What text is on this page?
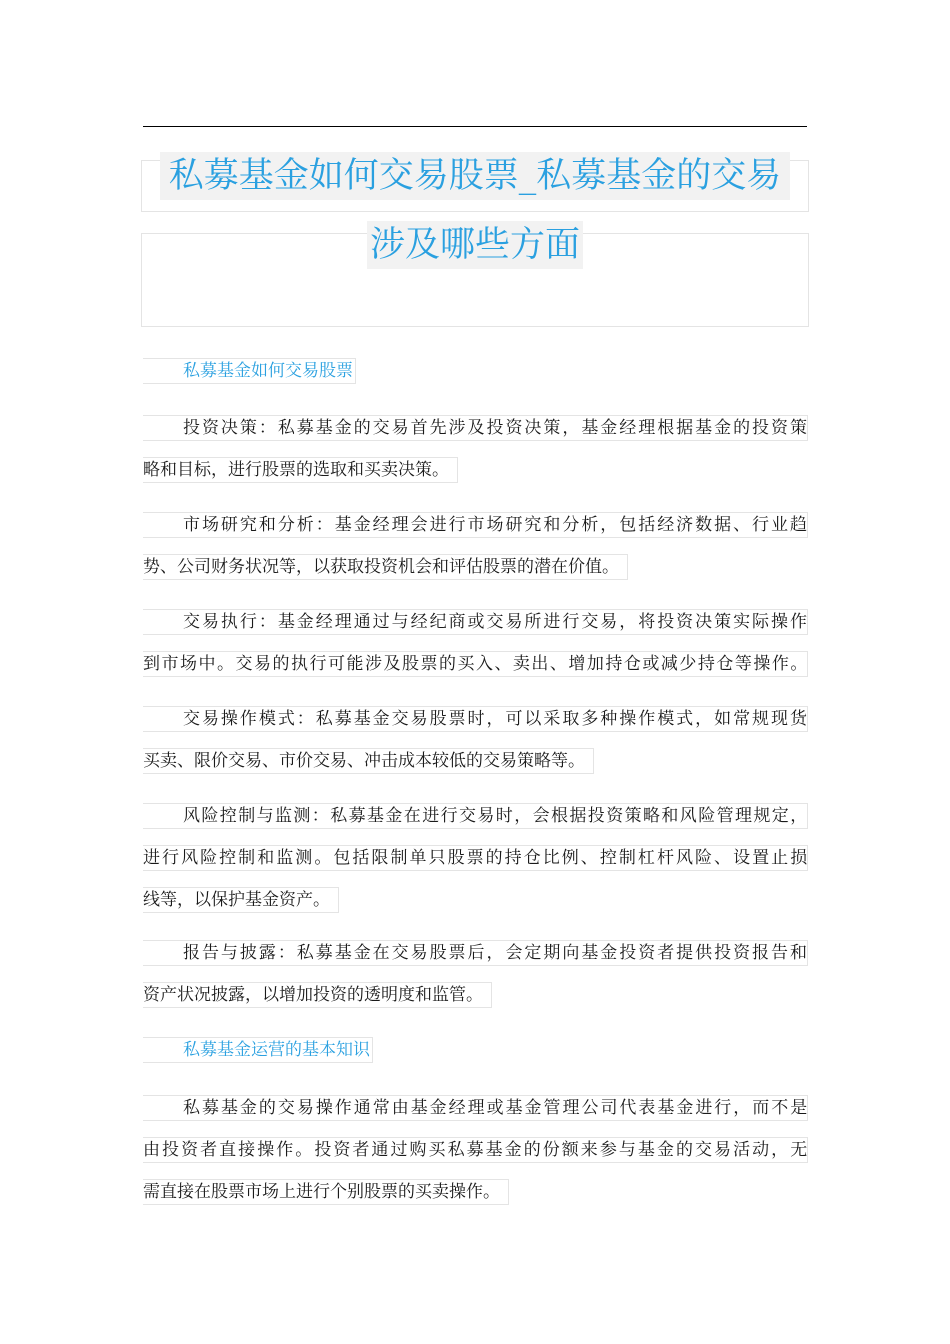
私募基金如何交易股票_私募基金的交易
涉及哪些方面
私募基金如何交易股票
投资决策：私募基金的交易首先涉及投资决策，基金经理根据基金的投资策
略和目标，进行股票的选取和买卖决策。
市场研究和分析：基金经理会进行市场研究和分析，包括经济数据、行业趋
势、公司财务状况等，以获取投资机会和评估股票的潜在价值。
交易执行：基金经理通过与经纪商或交易所进行交易，将投资决策实际操作
到市场中。交易的执行可能涉及股票的买入、卖出、增加持仓或减少持仓等操作。
交易操作模式：私募基金交易股票时，可以采取多种操作模式，如常规现货
买卖、限价交易、市价交易、冲击成本较低的交易策略等。
风险控制与监测：私募基金在进行交易时，会根据投资策略和风险管理规定，
进行风险控制和监测。包括限制单只股票的持仓比例、控制杠杆风险、设置止损
线等，以保护基金资产。
报告与披露：私募基金在交易股票后，会定期向基金投资者提供投资报告和
资产状况披露，以增加投资的透明度和监管。
私募基金运营的基本知识
私募基金的交易操作通常由基金经理或基金管理公司代表基金进行，而不是
由投资者直接操作。投资者通过购买私募基金的份额来参与基金的交易活动，无
需直接在股票市场上进行个别股票的买卖操作。
